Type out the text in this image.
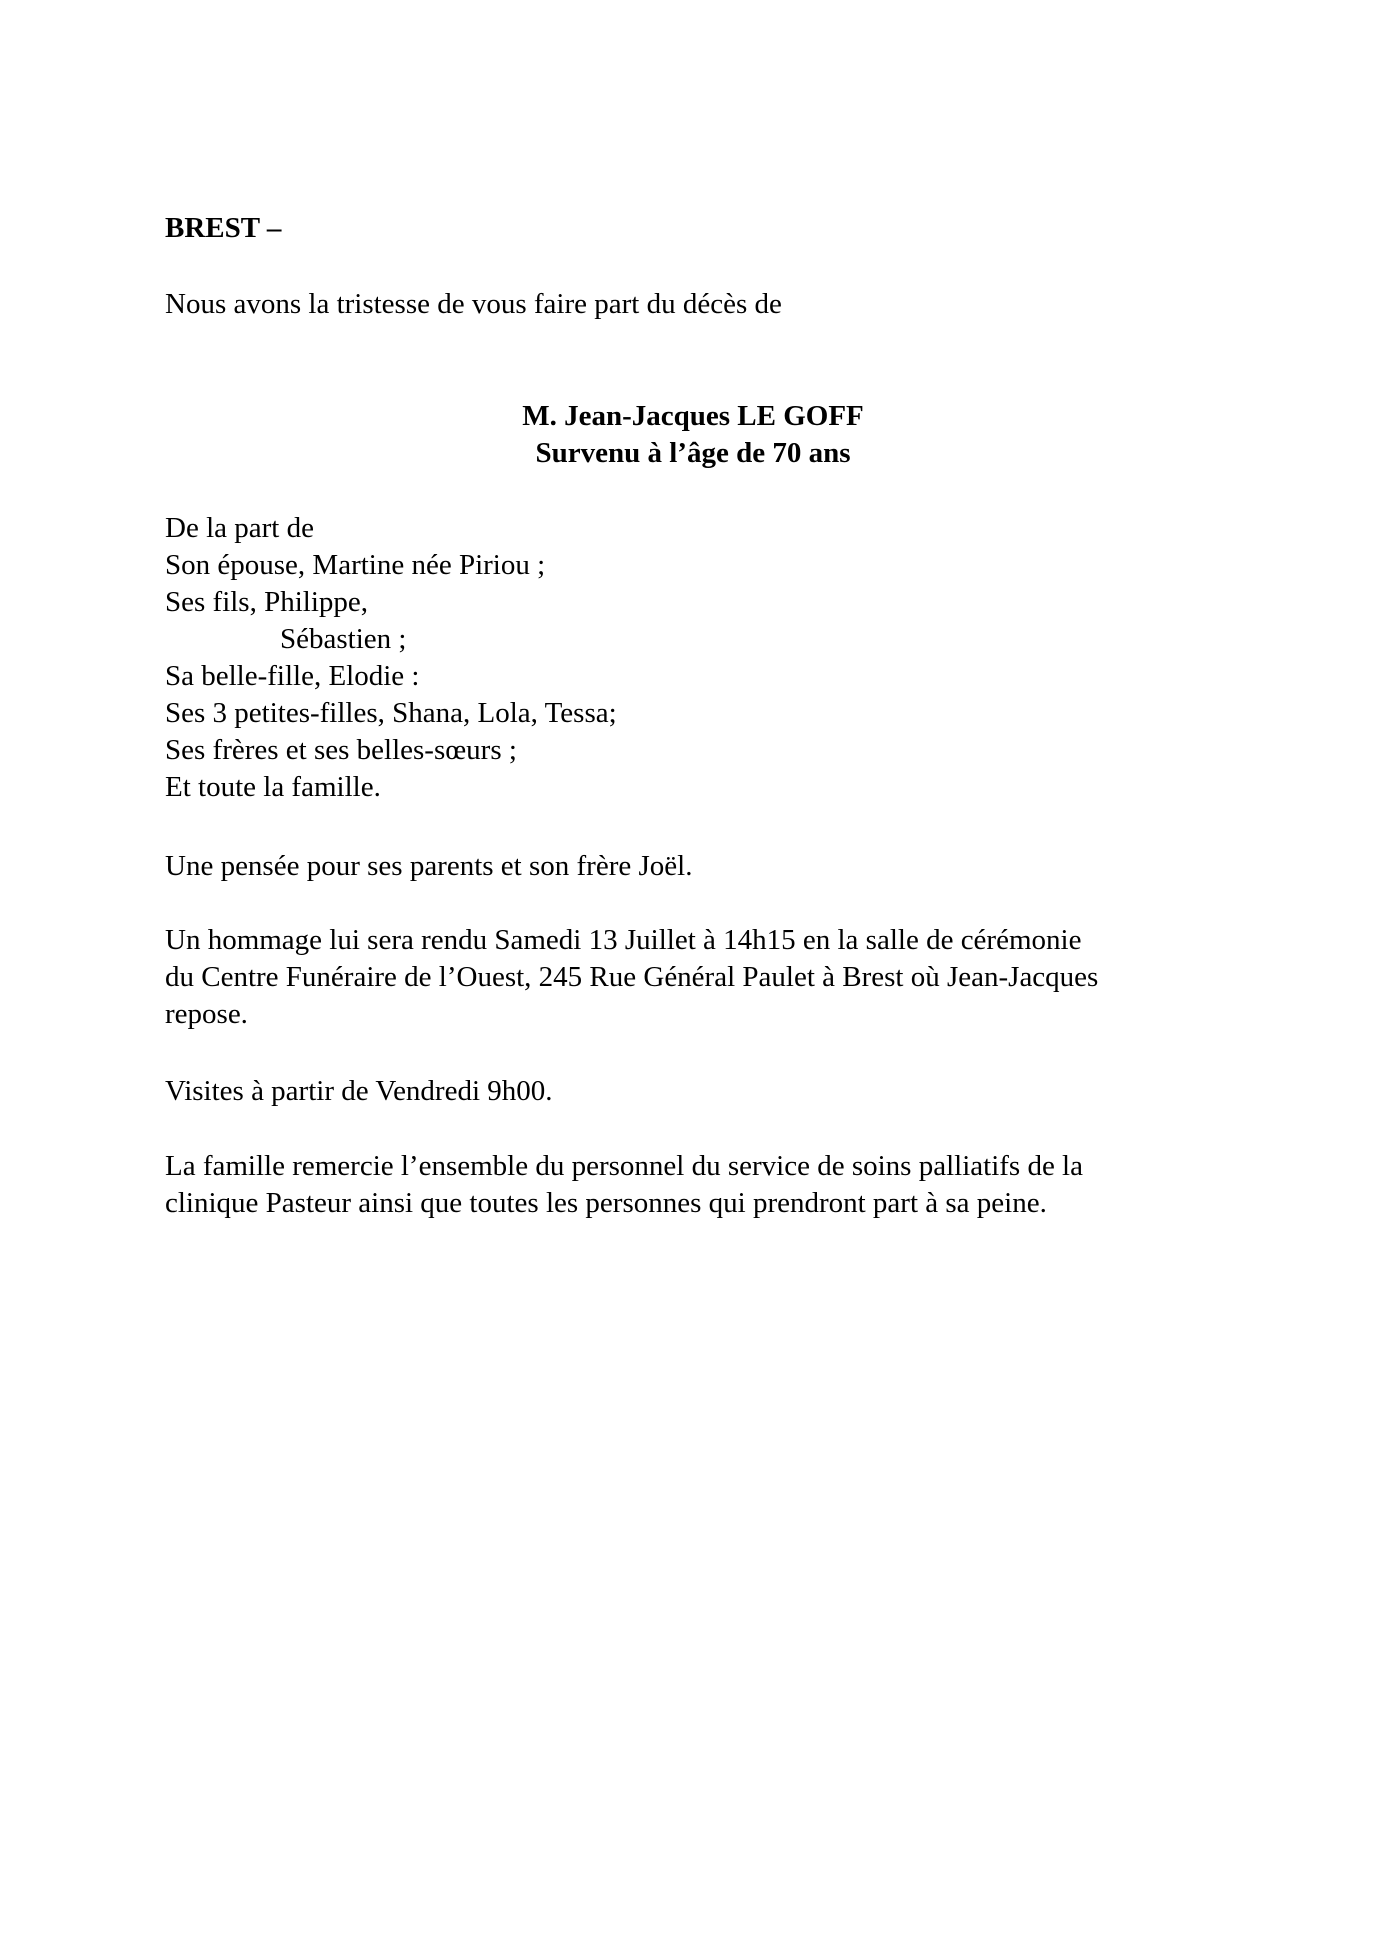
BREST –
Nous avons la tristesse de vous faire part du décès de
M. Jean-Jacques LE GOFF
Survenu à l’âge de 70 ans
De la part de
Son épouse, Martine née Piriou ;
Ses fils, Philippe,
Sébastien ;
Sa belle-fille, Elodie :
Ses 3 petites-filles, Shana, Lola, Tessa;
Ses frères et ses belles-sœurs ;
Et toute la famille.
Une pensée pour ses parents et son frère Joël.
Un hommage lui sera rendu Samedi 13 Juillet à 14h15 en la salle de cérémonie
du Centre Funéraire de l’Ouest, 245 Rue Général Paulet à Brest où Jean-Jacques
repose.
Visites à partir de Vendredi 9h00.
La famille remercie l’ensemble du personnel du service de soins palliatifs de la
clinique Pasteur ainsi que toutes les personnes qui prendront part à sa peine.
